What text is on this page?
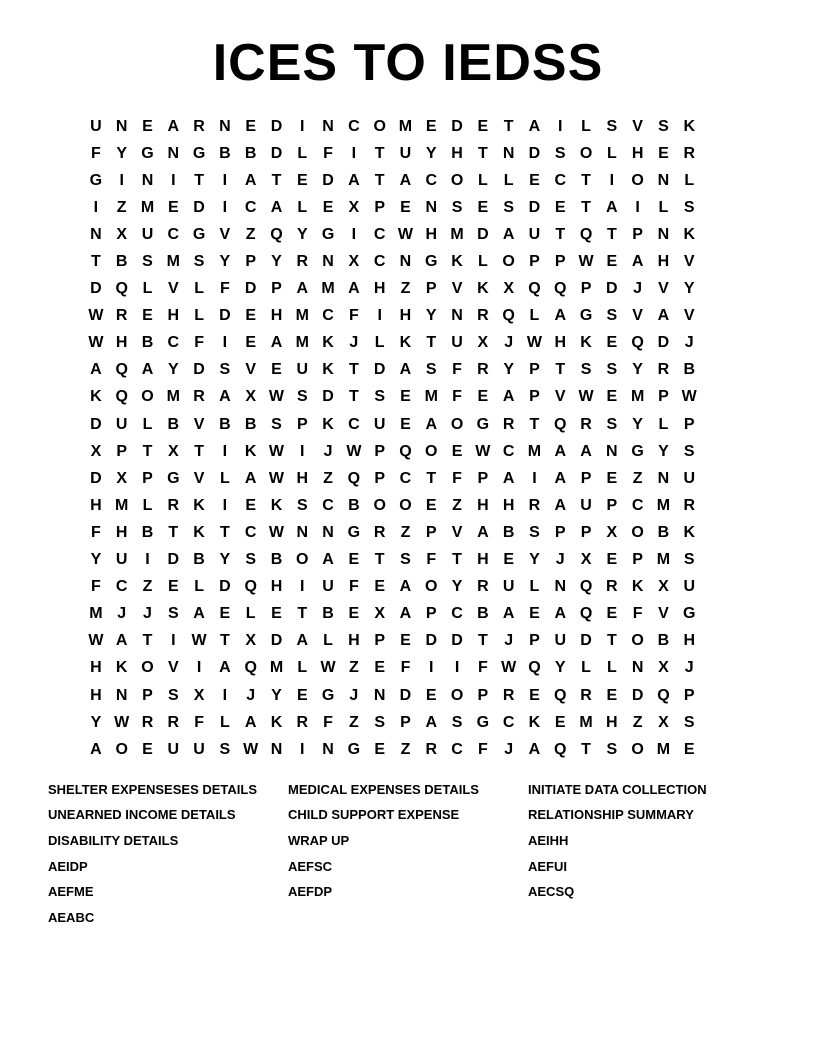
ICES TO IEDSS
U N E A R N E D	I	N C O M E D E T A	I	L S V S K
F Y G N G B B D L	F	I	T U Y H T N D S O L H E R
G	I	N	I	T	I	A T E D A T A C O L	L E C T	I	O N L
I	Z M E D	I	C A L E X P E N S E S D E T A	I	L S
N X U C G V Z Q Y G	I	C W H M D A U T Q T P N K
T B S M S Y P Y R N X C N G K L O P P W E A H V
D Q L V L	F D P A M A H Z P V K X Q Q P D J	V Y
W R E H L D E H M C F	I	H Y N R Q L A G S V A V
W H B C F	I	E A M K J	L K T U X	J W H K E Q D J
A Q A Y D S V E U K T D A S F R Y P T S S Y R B
K Q O M R A X W S D T S E M F E A P V W E M P W
D U L B V B B S P K C U E A O G R T Q R S Y L P
X P T X T	I	K W	I	J W P Q O E W C M A A N G Y S
D X P G V L A W H Z Q P C T	F P A	I	A P E Z N U
H M L R K	I	E K S C B O O E Z H H R A U P C M R
F H B T K T C W N N G R Z P V A B S P P X O B K
Y U	I	D B Y S B O A E T S F	T H E Y	J	X E P M S
F C Z E L D Q H	I	U F E A O Y R U L N Q R K X U
M J	J	S A E L E T B E X A P C B A E A Q E F V G
W A T	I	W T X D A L H P E D D T	J	P U D T O B H
H K O V	I	A Q M L W Z E F	I	I	F W Q Y L	L N X	J
H N P S X	I	J	Y E G J N D E O P R E Q R E D Q P
Y W R R F	L A K R F	Z S P A S G C K E M H Z X S
A O E U U S W N	I	N G E Z R C F	J A Q T S O M E
SHELTER EXPENSESES DETAILS	MEDICAL EXPENSES DETAILS	INITIATE DATA COLLECTION
UNEARNED INCOME DETAILS	CHILD SUPPORT EXPENSE	RELATIONSHIP SUMMARY
DISABILITY DETAILS	WRAP UP	AEIHH
AEIDP	AEFSC	AEFUI
AEFME	AEFDP	AECSQ
AEABC
